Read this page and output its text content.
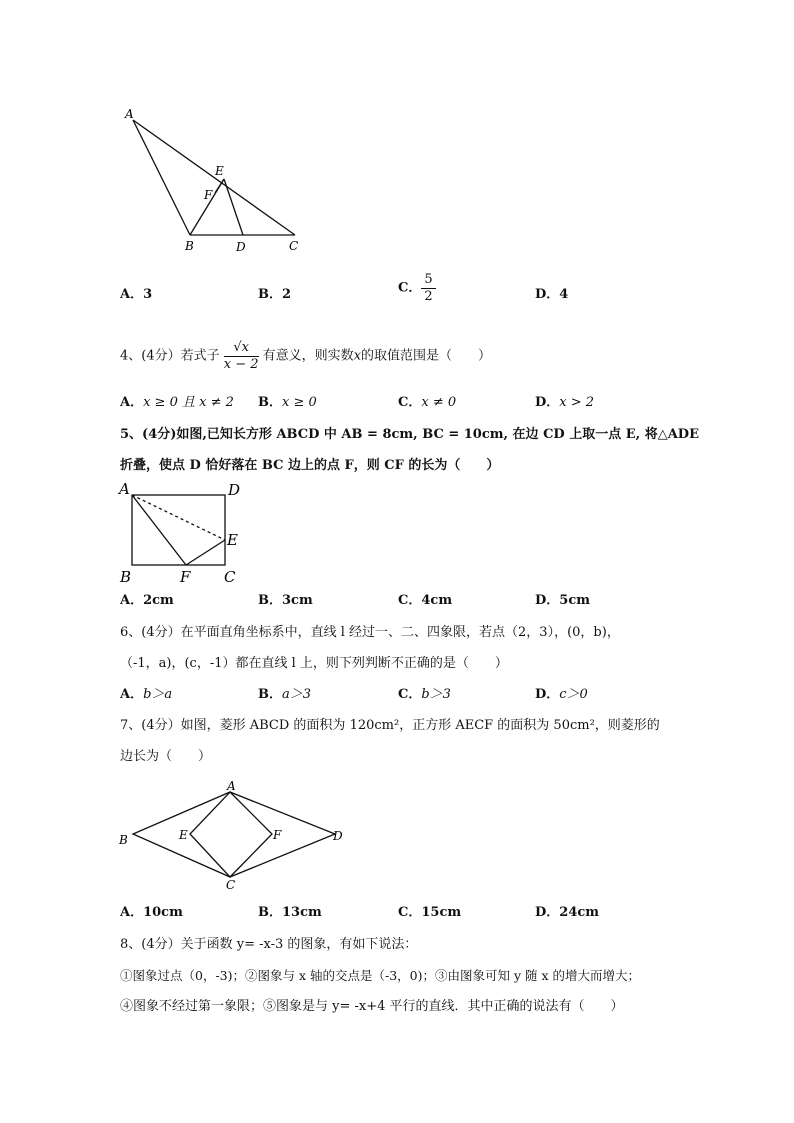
A
E
F
B	D	C
A．3	B．2	C． $\frac{5}{2}$	D．4
4、(4分）若式子 $\frac{√x}{x - 2}$ 有意义，则实数x的取值范围是（　　）
A．x ≥ 0 且 x ≠ 2 B．x ≥ 0	C．x ≠ 0	D．x > 2
5、(4分)如图,已知长方形 ABCD 中 AB = 8cm, BC = 10cm, 在边 CD 上取一点 E, 将△ADE
折叠，使点 D 恰好落在 BC 边上的点 F，则 CF 的长为（　　）
A	D
E
B	F C
A．2cm	B．3cm	C．4cm	D．5cm
6、(4分）在平面直角坐标系中，直线 l 经过一、二、四象限，若点（2，3），(0，b)，
（-1，a)，(c，-1）都在直线 l 上，则下列判断不正确的是（　　）
A．b＞a	B．a＞3	C．b＞3	D．c＞0
7、(4分）如图，菱形 ABCD 的面积为 120cm²，正方形 AECF 的面积为 50cm²，则菱形的
边长为（　　）
A
B
C
D
E	F
A．10cm	B．13cm	C．15cm	D．24cm
8、(4分）关于函数 y= -x-3 的图象，有如下说法：
①图象过点（0，-3)；②图象与 x 轴的交点是（-3，0)；③由图象可知 y 随 x 的增大而增大；
④图象不经过第一象限；⑤图象是与 y= -x+4 平行的直线．其中正确的说法有（　　）
